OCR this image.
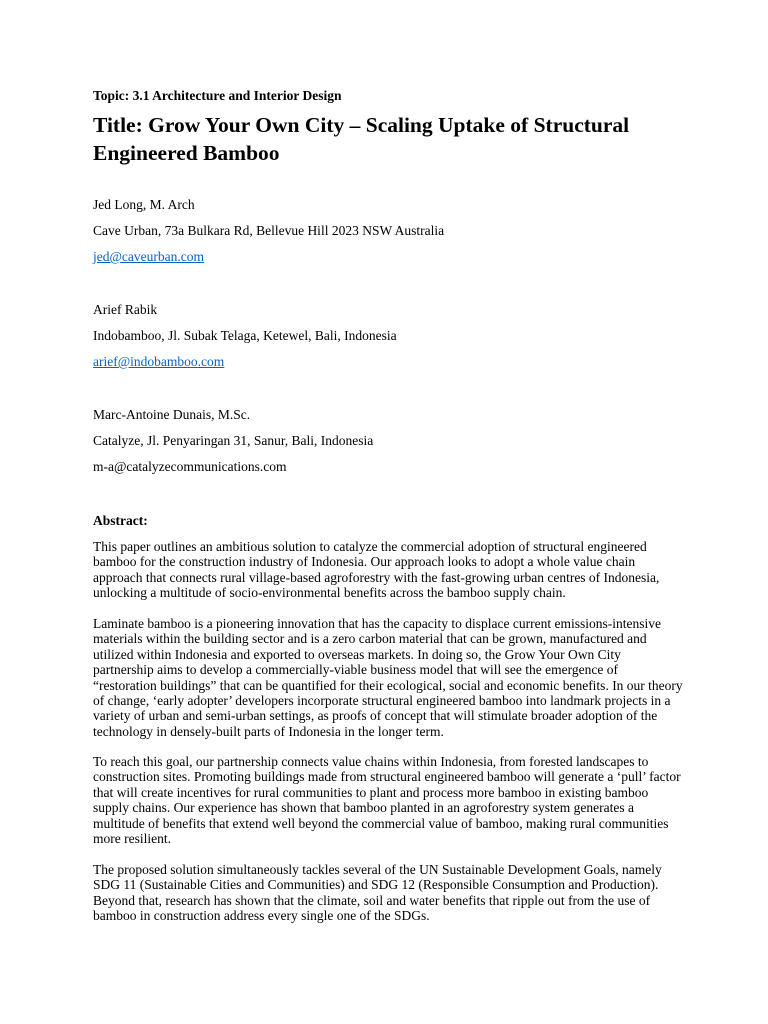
Topic: 3.1 Architecture and Interior Design
Title: Grow Your Own City – Scaling Uptake of Structural Engineered Bamboo
Jed Long, M. Arch
Cave Urban, 73a Bulkara Rd, Bellevue Hill 2023 NSW Australia
jed@caveurban.com
Arief Rabik
Indobamboo, Jl. Subak Telaga, Ketewel, Bali, Indonesia
arief@indobamboo.com
Marc-Antoine Dunais, M.Sc.
Catalyze, Jl. Penyaringan 31, Sanur, Bali, Indonesia
m-a@catalyzecommunications.com
Abstract:

This paper outlines an ambitious solution to catalyze the commercial adoption of structural engineered bamboo for the construction industry of Indonesia. Our approach looks to adopt a whole value chain approach that connects rural village-based agroforestry with the fast-growing urban centres of Indonesia, unlocking a multitude of socio-environmental benefits across the bamboo supply chain.

Laminate bamboo is a pioneering innovation that has the capacity to displace current emissions-intensive materials within the building sector and is a zero carbon material that can be grown, manufactured and utilized within Indonesia and exported to overseas markets. In doing so, the Grow Your Own City partnership aims to develop a commercially-viable business model that will see the emergence of “restoration buildings” that can be quantified for their ecological, social and economic benefits. In our theory of change, ‘early adopter’ developers incorporate structural engineered bamboo into landmark projects in a variety of urban and semi-urban settings, as proofs of concept that will stimulate broader adoption of the technology in densely-built parts of Indonesia in the longer term.

To reach this goal, our partnership connects value chains within Indonesia, from forested landscapes to construction sites. Promoting buildings made from structural engineered bamboo will generate a ‘pull’ factor that will create incentives for rural communities to plant and process more bamboo in existing bamboo supply chains. Our experience has shown that bamboo planted in an agroforestry system generates a multitude of benefits that extend well beyond the commercial value of bamboo, making rural communities more resilient.

The proposed solution simultaneously tackles several of the UN Sustainable Development Goals, namely SDG 11 (Sustainable Cities and Communities) and SDG 12 (Responsible Consumption and Production). Beyond that, research has shown that the climate, soil and water benefits that ripple out from the use of bamboo in construction address every single one of the SDGs.
